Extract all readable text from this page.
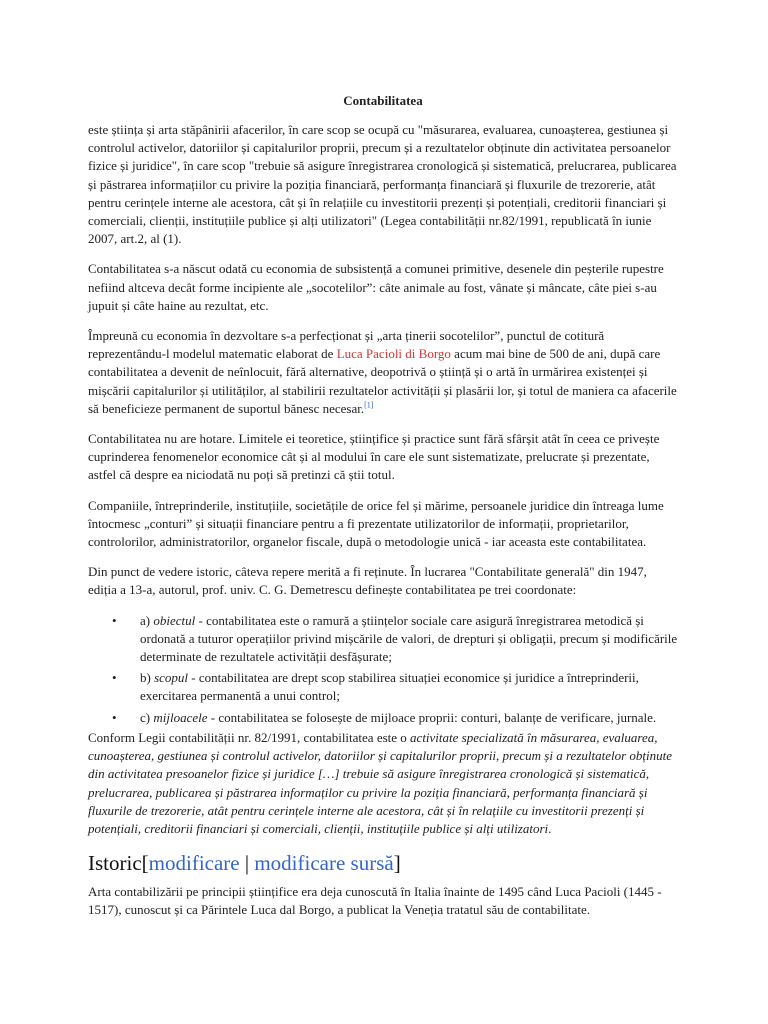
Contabilitatea

este știința și arta stăpânirii afacerilor, în care scop se ocupă cu "măsurarea, evaluarea, cunoașterea, gestiunea și controlul activelor, datoriilor și capitalurilor proprii, precum și a rezultatelor obținute din activitatea persoanelor fizice și juridice", în care scop "trebuie să asigure înregistrarea cronologică și sistematică, prelucrarea, publicarea și păstrarea informațiilor cu privire la poziția financiară, performanța financiară și fluxurile de trezorerie, atât pentru cerințele interne ale acestora, cât și în relațiile cu investitorii prezenți și potențiali, creditorii financiari și comerciali, clienții, instituțiile publice și alți utilizatori" (Legea contabilității nr.82/1991, republicată în iunie 2007, art.2, al (1).

Contabilitatea s-a născut odată cu economia de subsistență a comunei primitive, desenele din peșterile rupestre nefiind altceva decât forme incipiente ale „socotelilor”: câte animale au fost, vânate și mâncate, câte piei s-au jupuit și câte haine au rezultat, etc.

Împreună cu economia în dezvoltare s-a perfecționat și „arta ținerii socotelilor”, punctul de cotitură reprezentându-l modelul matematic elaborat de Luca Pacioli di Borgo acum mai bine de 500 de ani, după care contabilitatea a devenit de neînlocuit, fără alternative, deopotrivă o știință și o artă în urmărirea existenței și mișcării capitalurilor și utilităților, al stabilirii rezultatelor activității și plasării lor, și totul de maniera ca afacerile să beneficieze permanent de suportul bănesc necesar.[1]

Contabilitatea nu are hotare. Limitele ei teoretice, științifice și practice sunt fără sfârșit atât în ceea ce privește cuprinderea fenomenelor economice cât și al modului în care ele sunt sistematizate, prelucrate și prezentate, astfel că despre ea niciodată nu poți să pretinzi că știi totul.

Companiile, întreprinderile, instituțiile, societățile de orice fel și mărime, persoanele juridice din întreaga lume întocmesc „conturi” și situații financiare pentru a fi prezentate utilizatorilor de informații, proprietarilor, controlorilor, administratorilor, organelor fiscale, după o metodologie unică - iar aceasta este contabilitatea.

Din punct de vedere istoric, câteva repere merită a fi reținute. În lucrarea "Contabilitate generală" din 1947, ediția a 13-a, autorul, prof. univ. C. G. Demetrescu definește contabilitatea pe trei coordonate:

• a) obiectul - contabilitatea este o ramură a științelor sociale care asigură înregistrarea metodică și ordonată a tuturor operațiilor privind mișcările de valori, de drepturi și obligații, precum și modificările determinate de rezultatele activității desfășurate;
• b) scopul - contabilitatea are drept scop stabilirea situației economice și juridice a întreprinderii, exercitarea permanentă a unui control;
• c) mijloacele - contabilitatea se folosește de mijloace proprii: conturi, balanțe de verificare, jurnale.

Conform Legii contabilității nr. 82/1991, contabilitatea este o activitate specializată în măsurarea, evaluarea, cunoașterea, gestiunea și controlul activelor, datoriilor și capitalurilor proprii, precum și a rezultatelor obținute din activitatea presoanelor fizice și juridice […] trebuie să asigure înregistrarea cronologică și sistematică, prelucrarea, publicarea și păstrarea informaților cu privire la poziția financiară, performanța financiară și fluxurile de trezorerie, atât pentru cerințele interne ale acestora, cât și în relațiile cu investitorii prezenți și potențiali, creditorii financiari și comerciali, clienții, instituțiile publice și alți utilizatori.

Istoric[modificare | modificare sursă]

Arta contabilizării pe principii științifice era deja cunoscută în Italia înainte de 1495 când Luca Pacioli (1445 - 1517), cunoscut și ca Părintele Luca dal Borgo, a publicat la Veneția tratatul său de contabilitate.
